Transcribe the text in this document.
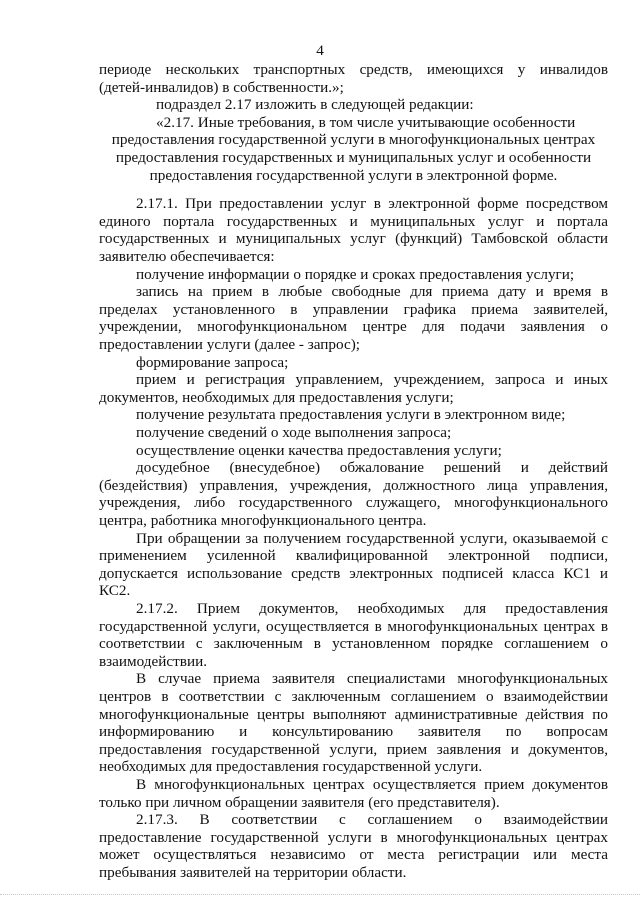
4
периоде нескольких транспортных средств, имеющихся у инвалидов
(детей-инвалидов) в собственности.»;
подраздел 2.17 изложить в следующей редакции:
«2.17. Иные требования, в том числе учитывающие особенности
предоставления государственной услуги в многофункциональных центрах
предоставления государственных и муниципальных услуг и особенности
предоставления государственной услуги в электронной форме.
2.17.1. При предоставлении услуг в электронной форме посредством
единого портала государственных и муниципальных услуг и портала
государственных и муниципальных услуг (функций) Тамбовской области
заявителю обеспечивается:
получение информации о порядке и сроках предоставления услуги;
запись на прием в любые свободные для приема дату и время в
пределах установленного в управлении графика приема заявителей,
учреждении, многофункциональном центре для подачи заявления о
предоставлении услуги (далее - запрос);
формирование запроса;
прием и регистрация управлением, учреждением, запроса и иных
документов, необходимых для предоставления услуги;
получение результата предоставления услуги в электронном виде;
получение сведений о ходе выполнения запроса;
осуществление оценки качества предоставления услуги;
досудебное (внесудебное) обжалование решений и действий
(бездействия) управления, учреждения, должностного лица управления,
учреждения, либо государственного служащего, многофункционального
центра, работника многофункционального центра.
При обращении за получением государственной услуги, оказываемой с
применением усиленной квалифицированной электронной подписи,
допускается использование средств электронных подписей класса КС1 и
КС2.
2.17.2. Прием документов, необходимых для предоставления
государственной услуги, осуществляется в многофункциональных центрах в
соответствии с заключенным в установленном порядке соглашением о
взаимодействии.
В случае приема заявителя специалистами многофункциональных
центров в соответствии с заключенным соглашением о взаимодействии
многофункциональные центры выполняют административные действия по
информированию и консультированию заявителя по вопросам
предоставления государственной услуги, прием заявления и документов,
необходимых для предоставления государственной услуги.
В многофункциональных центрах осуществляется прием документов
только при личном обращении заявителя (его представителя).
2.17.3. В соответствии с соглашением о взаимодействии
предоставление государственной услуги в многофункциональных центрах
может осуществляться независимо от места регистрации или места
пребывания заявителей на территории области.
